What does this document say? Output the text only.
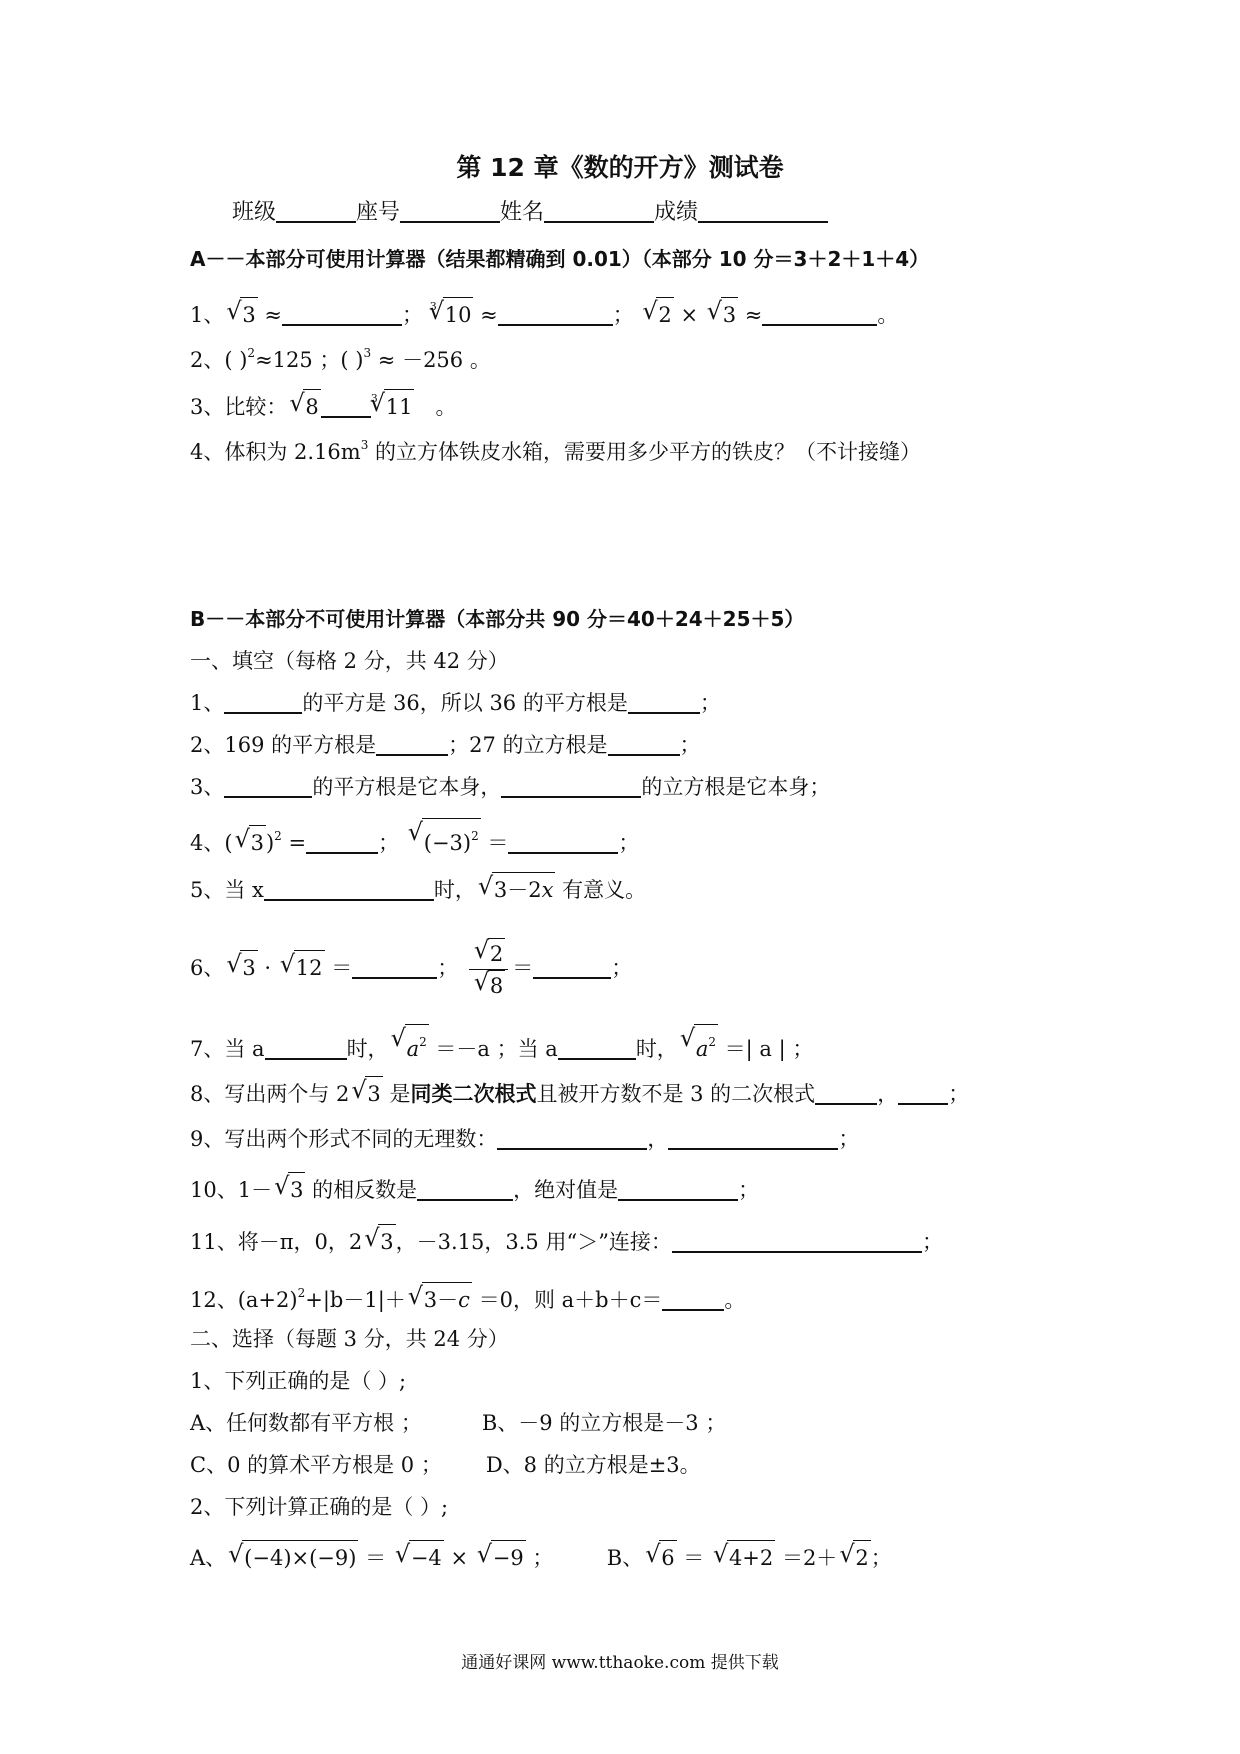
第 12 章《数的开方》测试卷
班级	座号	姓名	成绩
A－－本部分可使用计算器（结果都精确到 0.01）（本部分 10 分＝3＋2＋1＋4）
1、√ 3 ≈	； $^3$√ 10 ≈	； √ 2 × √ 3 ≈	。
2、( )$^2$≈125 ；( )$^3$ ≈ －256 。
3、比较：√ 8	$^3$√ 11　 。
4、体积为 $2.16m^3$ 的立方体铁皮水箱，需要用多少平方的铁皮？（不计接缝）
B－－本部分不可使用计算器（本部分共 90 分＝40＋24＋25＋5）
一、填空（每格 2 分，共 42 分）
1、	的平方是 36，所以 36 的平方根是	；
2、169 的平方根是	；27 的立方根是	；
3、	的平方根是它本身，	的立方根是它本身；
4、(√ 3)$^2$ =	； √ $(-3)^2$ ＝	；
5、当 x	时，√ 3－2x 有意义。
6、√ 3 · √ 12 ＝	；
√ 2
√ 8 ＝	；
7、当 a	时，√ $a^2 =-a$ ；当 a	时，√ $a^2$ ＝| a | ；
8、写出两个与 2√ 3 是同类二次根式且被开方数不是 3 的二次根式	， ；
9、写出两个形式不同的无理数：	，	；
10、1－√ 3 的相反数是	，绝对值是	；
11、将－π，0，2√ 3，－3.15，3.5 用“＞”连接：	；
12、$(a+2)^2+|b-1|+√$ 3－c ＝0，则 a＋b＋c＝	。
二、选择（每题 3 分，共 24 分）
1、下列正确的是（ ）;
A、任何数都有平方根 ；	B、－9 的立方根是－3 ；
C、0 的算术平方根是 0 ； D、8 的立方根是±3。
2、下列计算正确的是（ ）;
A、√ (−4)×(−9) ＝ √ −4 × √ −9 ；	B、√ 6 ＝ √ 4+2 ＝2＋√ 2；
通通好课网 www.tthaoke.com 提供下载
